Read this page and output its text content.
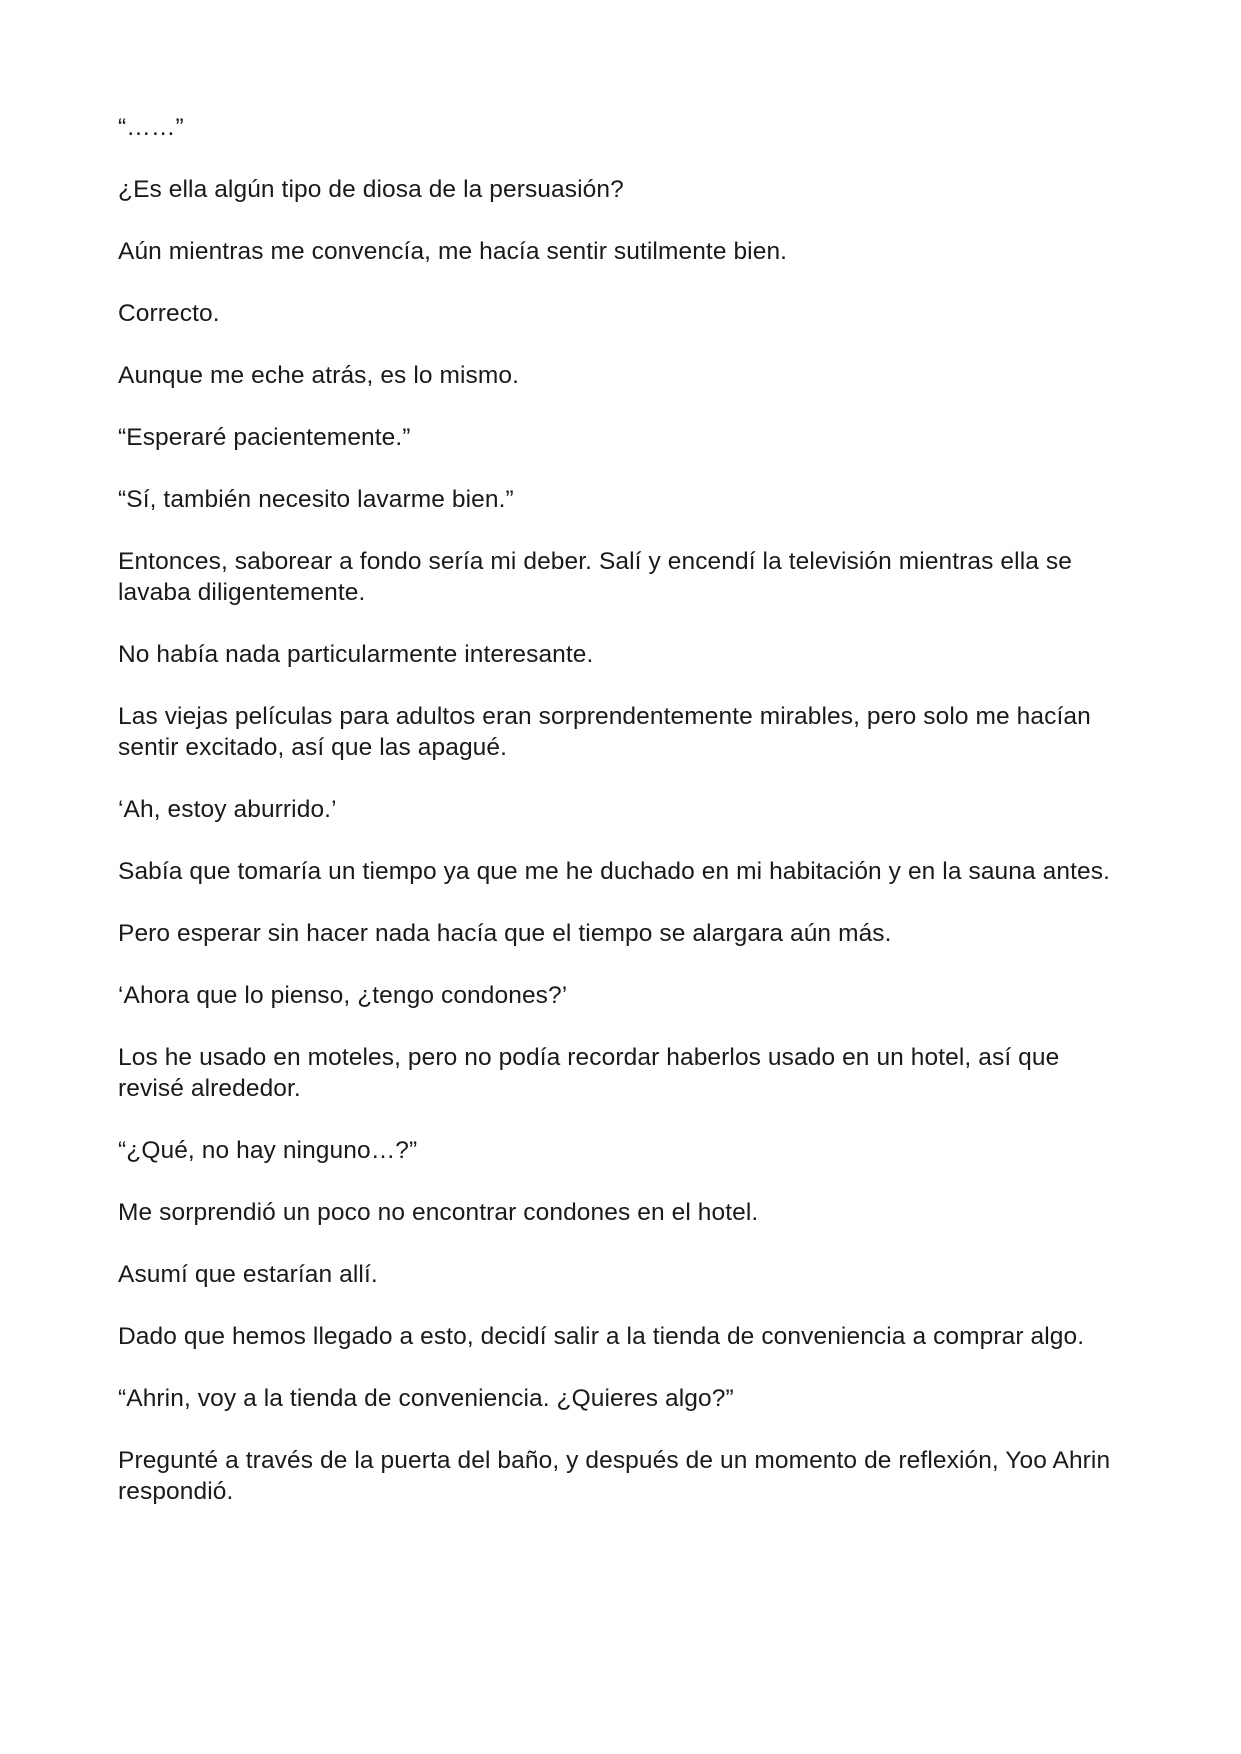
“……”

¿Es ella algún tipo de diosa de la persuasión?

Aún mientras me convencía, me hacía sentir sutilmente bien.

Correcto.

Aunque me eche atrás, es lo mismo.

“Esperaré pacientemente.”

“Sí, también necesito lavarme bien.”

Entonces, saborear a fondo sería mi deber. Salí y encendí la televisión mientras ella se lavaba diligentemente.

No había nada particularmente interesante.

Las viejas películas para adultos eran sorprendentemente mirables, pero solo me hacían sentir excitado, así que las apagué.

‘Ah, estoy aburrido.’

Sabía que tomaría un tiempo ya que me he duchado en mi habitación y en la sauna antes.

Pero esperar sin hacer nada hacía que el tiempo se alargara aún más.

‘Ahora que lo pienso, ¿tengo condones?’

Los he usado en moteles, pero no podía recordar haberlos usado en un hotel, así que revisé alrededor.

“¿Qué, no hay ninguno…?”

Me sorprendió un poco no encontrar condones en el hotel.

Asumí que estarían allí.

Dado que hemos llegado a esto, decidí salir a la tienda de conveniencia a comprar algo.

“Ahrin, voy a la tienda de conveniencia. ¿Quieres algo?”

Pregunté a través de la puerta del baño, y después de un momento de reflexión, Yoo Ahrin respondió.
